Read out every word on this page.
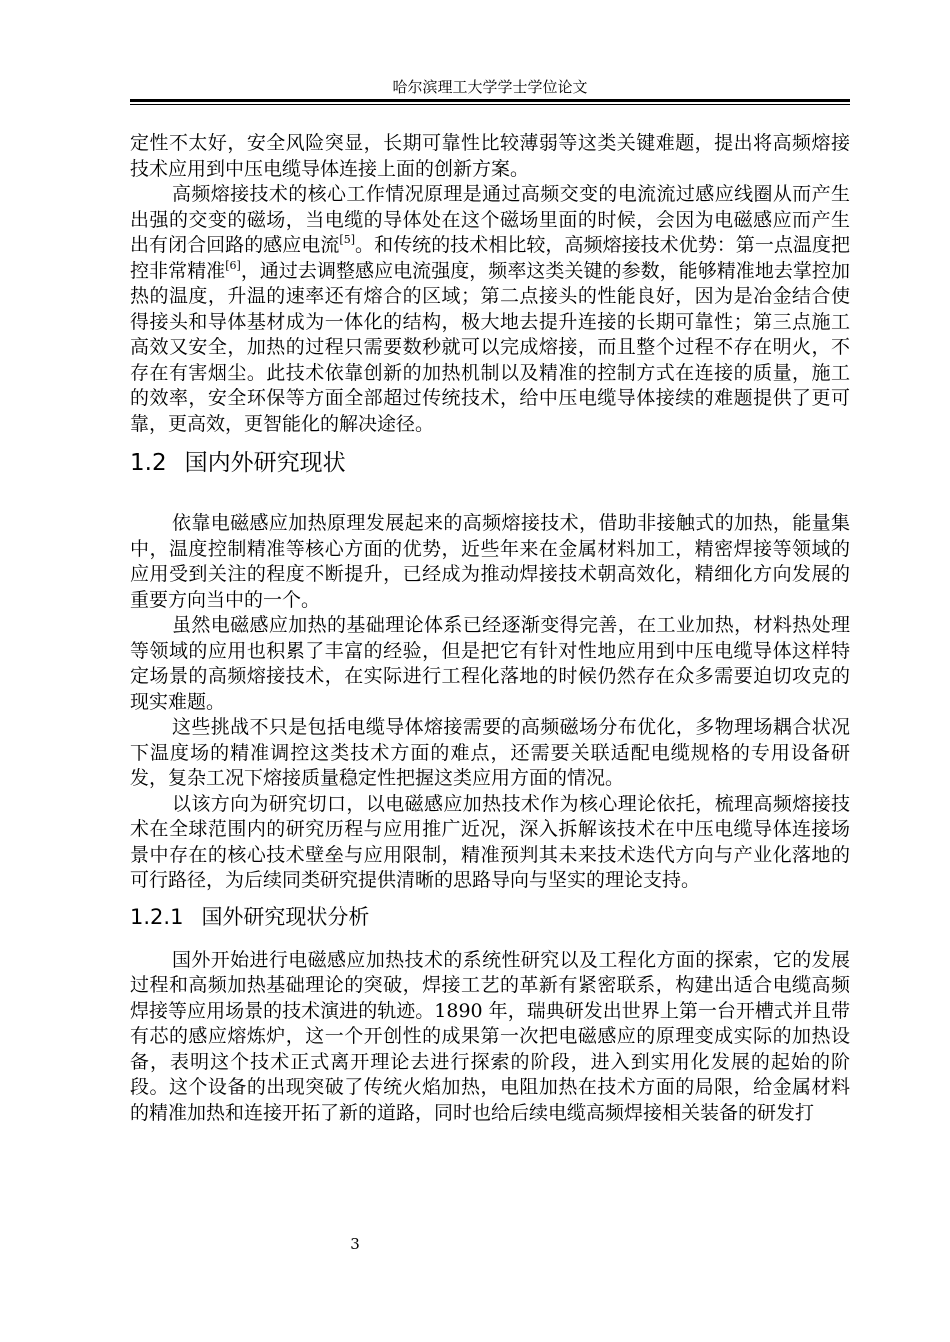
哈尔滨理工大学学士学位论文

定性不太好，安全风险突显，长期可靠性比较薄弱等这类关键难题，提出将高频熔接技术应用到中压电缆导体连接上面的创新方案。

高频熔接技术的核心工作情况原理是通过高频交变的电流流过感应线圈从而产生出强的交变的磁场，当电缆的导体处在这个磁场里面的时候，会因为电磁感应而产生出有闭合回路的感应电流[5]。和传统的技术相比较，高频熔接技术优势：第一点温度把控非常精准[6]，通过去调整感应电流强度，频率这类关键的参数，能够精准地去掌控加热的温度，升温的速率还有熔合的区域；第二点接头的性能良好，因为是冶金结合使得接头和导体基材成为一体化的结构，极大地去提升连接的长期可靠性；第三点施工高效又安全，加热的过程只需要数秒就可以完成熔接，而且整个过程不存在明火，不存在有害烟尘。此技术依靠创新的加热机制以及精准的控制方式在连接的质量，施工的效率，安全环保等方面全部超过传统技术，给中压电缆导体接续的难题提供了更可靠，更高效，更智能化的解决途径。

1.2 国内外研究现状

依靠电磁感应加热原理发展起来的高频熔接技术，借助非接触式的加热，能量集中，温度控制精准等核心方面的优势，近些年来在金属材料加工，精密焊接等领域的应用受到关注的程度不断提升，已经成为推动焊接技术朝高效化，精细化方向发展的重要方向当中的一个。

虽然电磁感应加热的基础理论体系已经逐渐变得完善，在工业加热，材料热处理等领域的应用也积累了丰富的经验，但是把它有针对性地应用到中压电缆导体这样特定场景的高频熔接技术，在实际进行工程化落地的时候仍然存在众多需要迫切攻克的现实难题。

这些挑战不只是包括电缆导体熔接需要的高频磁场分布优化，多物理场耦合状况下温度场的精准调控这类技术方面的难点，还需要关联适配电缆规格的专用设备研发，复杂工况下熔接质量稳定性把握这类应用方面的情况。

以该方向为研究切口，以电磁感应加热技术作为核心理论依托，梳理高频熔接技术在全球范围内的研究历程与应用推广近况，深入拆解该技术在中压电缆导体连接场景中存在的核心技术壁垒与应用限制，精准预判其未来技术迭代方向与产业化落地的可行路径，为后续同类研究提供清晰的思路导向与坚实的理论支持。

1.2.1 国外研究现状分析

国外开始进行电磁感应加热技术的系统性研究以及工程化方面的探索，它的发展过程和高频加热基础理论的突破，焊接工艺的革新有紧密联系，构建出适合电缆高频焊接等应用场景的技术演进的轨迹。1890 年，瑞典研发出世界上第一台开槽式并且带有芯的感应熔炼炉，这一个开创性的成果第一次把电磁感应的原理变成实际的加热设备，表明这个技术正式离开理论去进行探索的阶段，进入到实用化发展的起始的阶段。这个设备的出现突破了传统火焰加热，电阻加热在技术方面的局限，给金属材料的精准加热和连接开拓了新的道路，同时也给后续电缆高频焊接相关装备的研发打

3
